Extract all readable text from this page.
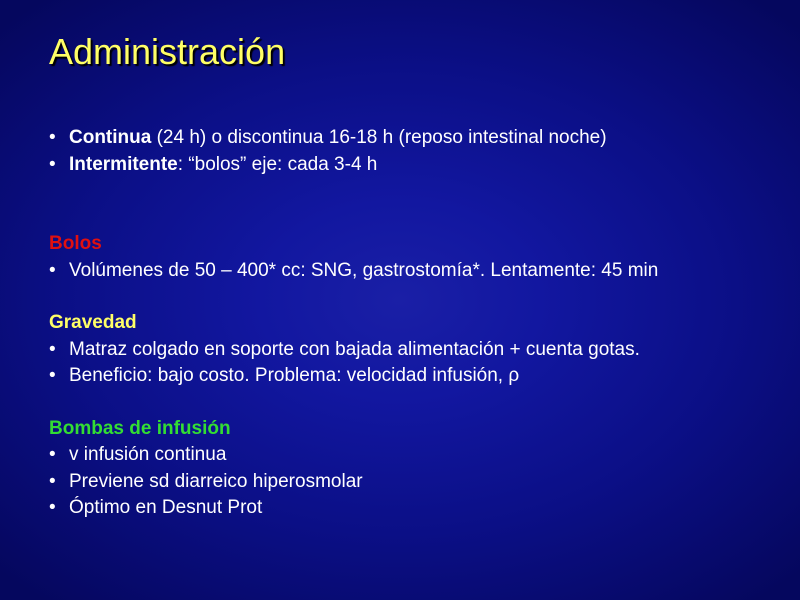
Administración
• Continua (24 h) o discontinua 16-18 h (reposo intestinal noche)
• Intermitente: “bolos” eje: cada 3-4 h
Bolos
• Volúmenes de 50 – 400* cc: SNG, gastrostomía*. Lentamente: 45 min
Gravedad
• Matraz colgado en soporte con bajada alimentación + cuenta gotas.
• Beneficio: bajo costo. Problema: velocidad infusión, ρ
Bombas de infusión
• v infusión continua
• Previene sd diarreico hiperosmolar
• Óptimo en Desnut Prot
